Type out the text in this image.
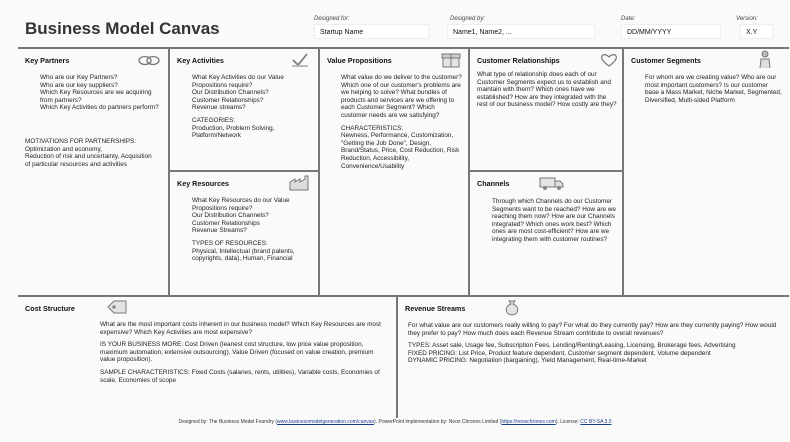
Business Model Canvas	Designed for:
Startup Name
Designed by:
Name1, Name2, ...
Date:
DD/MM/YYYY
Version:
X.Y
Key Partners

Who are our Key Partners?
Who are our key suppliers?
Which Key Resources are we acquiring from partners?
Which Key Activities do partners perform?

MOTIVATIONS FOR PARTNERSHIPS:
Optimization and economy,
Reduction of risk and uncertainty, Acquisition of particular resources and activities

Key Activities

What Key Activities do our Value Propositions require?
Our Distribution Channels?
Customer Relationships?
Revenue streams?

CATEGORIES:
Production, Problem Solving, Platform/Network

Key Resources

What Key Resources do our Value Propositions require?
Our Distribution Channels?
Customer Relationships
Revenue Streams?

TYPES OF RESOURCES:
Physical, Intellectual (brand patents, copyrights, data), Human, Financial

Value Propositions

What value do we deliver to the customer? Which one of our customer's problems are we helping to solve? What bundles of products and services are we offering to each Customer Segment? Which customer needs are we satisfying?

CHARACTERISTICS:
Newness, Performance, Customization, "Getting the Job Done", Design, Brand/Status, Price, Cost Reduction, Risk Reduction, Accessibility, Convenience/Usability

Customer Relationships

What type of relationship does each of our Customer Segments expect us to establish and maintain with them? Which ones have we established? How are they integrated with the rest of our business model? How costly are they?

Channels

Through which Channels do our Customer Segments want to be reached? How are we reaching them now? How are our Channels integrated? Which ones work best? Which ones are most cost-efficient? How are we integrating them with customer routines?

Customer Segments

For whom are we creating value? Who are our most important customers? Is our customer base a Mass Market, Niche Market, Segmented, Diversified, Multi-sided Platform

Cost Structure

What are the most important costs inherent in our business model? Which Key Resources are most expensive? Which Key Activities are most expensive?

IS YOUR BUSINESS MORE: Cost Driven (leanest cost structure, low price value proposition, maximum automation, extensive outsourcing), Value Driven (focused on value creation, premium value proposition).

SAMPLE CHARACTERISTICS: Fixed Costs (salaries, rents, utilities), Variable costs, Economies of scale, Economies of scope

Revenue Streams

For what value are our customers really willing to pay? For what do they currently pay? How are they currently paying? How would they prefer to pay? How much does each Revenue Stream contribute to overall revenues?

TYPES: Asset sale, Usage fee, Subscription Fees, Lending/Renting/Leasing, Licensing, Brokerage fees, Advertising
FIXED PRICING: List Price, Product feature dependent, Customer segment dependent, Volume dependent
DYNAMIC PRICING: Negotiation (bargaining), Yield Management, Real-time-Market

Designed by: The Business Model Foundry (www.businessmodelgeneration.com/canvas). PowerPoint implementation by: Neos Chronos Limited (https://neoschronos.com). License: CC BY-SA 3.0
